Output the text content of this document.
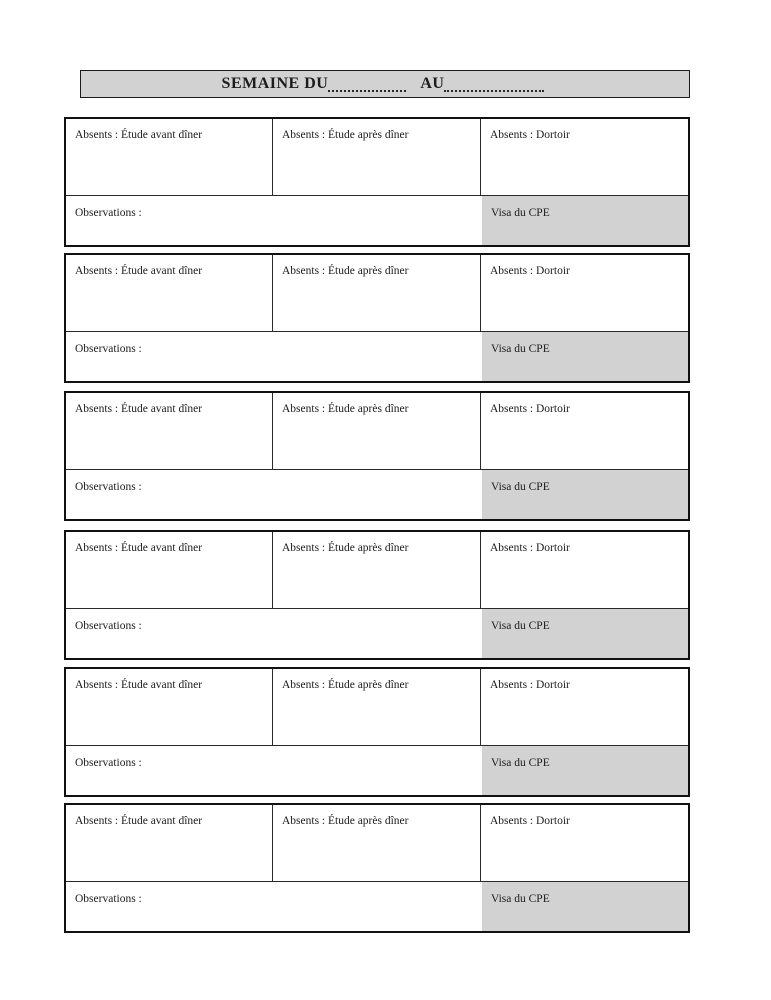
SEMAINE DU	AU
Absents : Étude avant dîner	Absents : Étude après dîner	Absents : Dortoir
Observations :	Visa du CPE
Absents : Étude avant dîner	Absents : Étude après dîner	Absents : Dortoir
Observations :	Visa du CPE
Absents : Étude avant dîner	Absents : Étude après dîner	Absents : Dortoir
Observations :	Visa du CPE
Absents : Étude avant dîner	Absents : Étude après dîner	Absents : Dortoir
Observations :	Visa du CPE
Absents : Étude avant dîner	Absents : Étude après dîner	Absents : Dortoir
Observations :	Visa du CPE
Absents : Étude avant dîner	Absents : Étude après dîner	Absents : Dortoir
Observations :	Visa du CPE
